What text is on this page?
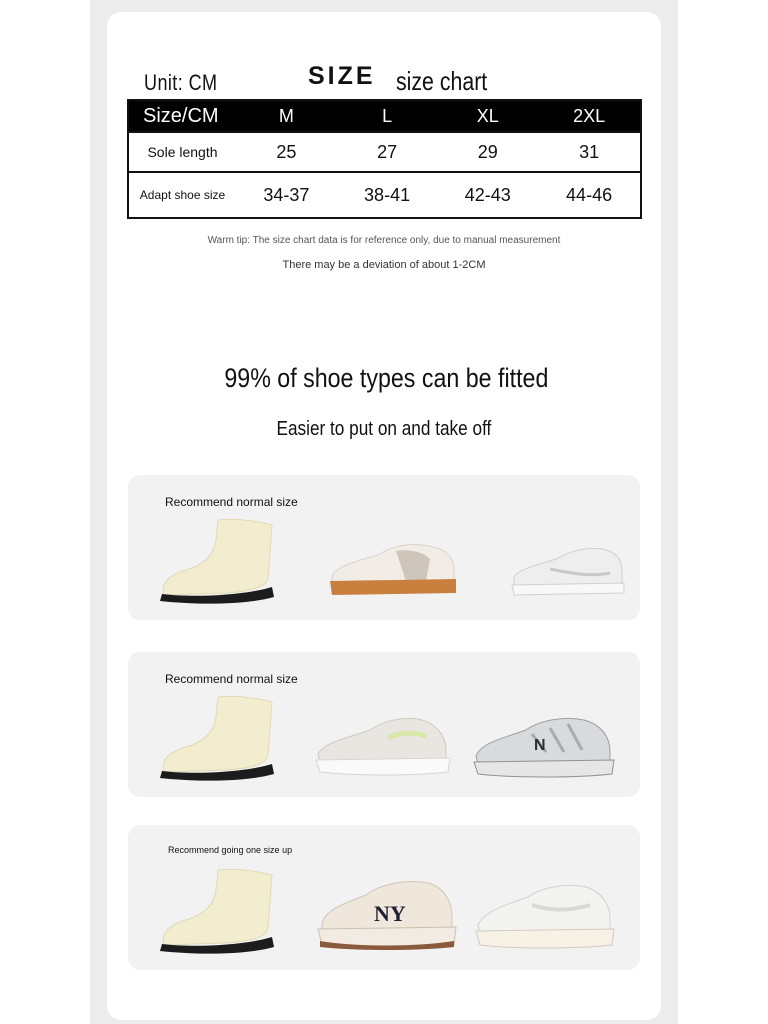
Unit: CM	SIZE size chart
Size/CM	M	L	XL	2XL
Sole length	25	27	29	31
Adapt shoe size	34-37	38-41	42-43	44-46
Warm tip: The size chart data is for reference only, due to manual measurement
There may be a deviation of about 1-2CM
99% of shoe types can be fitted
Easier to put on and take off
Recommend normal size
Recommend normal size
N
Recommend going one size up
NY
